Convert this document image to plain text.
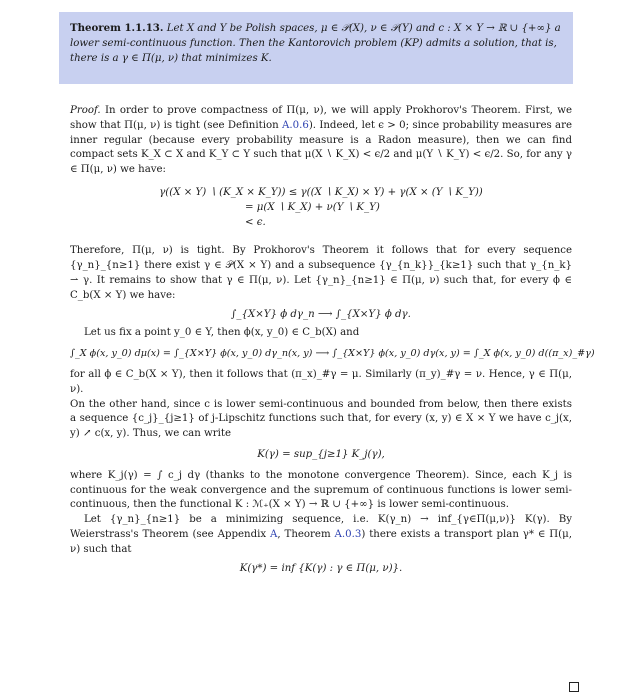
Theorem 1.1.13. Let X and Y be Polish spaces, μ ∈ 𝒫(X), ν ∈ 𝒫(Y) and c : X × Y → ℝ ∪ {+∞} a lower semi-continuous function. Then the Kantorovich problem (KP) admits a solution, that is, there is a γ ∈ Π(μ, ν) that minimizes K.

Proof. In order to prove compactness of Π(μ, ν), we will apply Prokhorov's Theorem. First, we show that Π(μ, ν) is tight (see Definition A.0.6). Indeed, let ϵ > 0; since probability measures are inner regular (because every probability measure is a Radon measure), then we can find compact sets K_X ⊂ X and K_Y ⊂ Y such that μ(X ∖ K_X) < ϵ/2 and μ(Y ∖ K_Y) < ϵ/2. So, for any γ ∈ Π(μ, ν) we have:

γ((X × Y) ∖ (K_X × K_Y)) ≤ γ((X ∖ K_X) × Y) + γ(X × (Y ∖ K_Y))

= μ(X ∖ K_X) + ν(Y ∖ K_Y)

< ϵ.

Therefore, Π(μ, ν) is tight. By Prokhorov's Theorem it follows that for every sequence {γ_n}_{n≥1} there exist γ ∈ 𝒫(X × Y) and a subsequence {γ_{n_k}}_{k≥1} such that γ_{n_k} ⇀ γ. It remains to show that γ ∈ Π(μ, ν). Let {γ_n}_{n≥1} ∈ Π(μ, ν) such that, for every ϕ ∈ C_b(X × Y) we have:

∫_{X×Y} ϕ dγ_n ⟶ ∫_{X×Y} ϕ dγ.

Let us fix a point y_0 ∈ Y, then ϕ(x, y_0) ∈ C_b(X) and

∫_X ϕ(x, y_0) dμ(x) = ∫_{X×Y} ϕ(x, y_0) dγ_n(x, y) ⟶ ∫_{X×Y} ϕ(x, y_0) dγ(x, y) = ∫_X ϕ(x, y_0) d((π_x)_#γ)

for all ϕ ∈ C_b(X × Y), then it follows that (π_x)_#γ = μ. Similarly (π_y)_#γ = ν. Hence, γ ∈ Π(μ, ν).

On the other hand, since c is lower semi-continuous and bounded from below, then there exists a sequence {c_j}_{j≥1} of j-Lipschitz functions such that, for every (x, y) ∈ X × Y we have c_j(x, y) ↗ c(x, y). Thus, we can write

K(γ) = sup_{j≥1} K_j(γ),

where K_j(γ) = ∫ c_j dγ (thanks to the monotone convergence Theorem). Since, each K_j is continuous for the weak convergence and the supremum of continuous functions is lower semi-continuous, then the functional K : ℳ₊(X × Y) → ℝ ∪ {+∞} is lower semi-continuous.

Let {γ_n}_{n≥1} be a minimizing sequence, i.e. K(γ_n) → inf_{γ∈Π(μ,ν)} K(γ). By Weierstrass's Theorem (see Appendix A, Theorem A.0.3) there exists a transport plan γ* ∈ Π(μ, ν) such that

K(γ*) = inf {K(γ) : γ ∈ Π(μ, ν)}.
